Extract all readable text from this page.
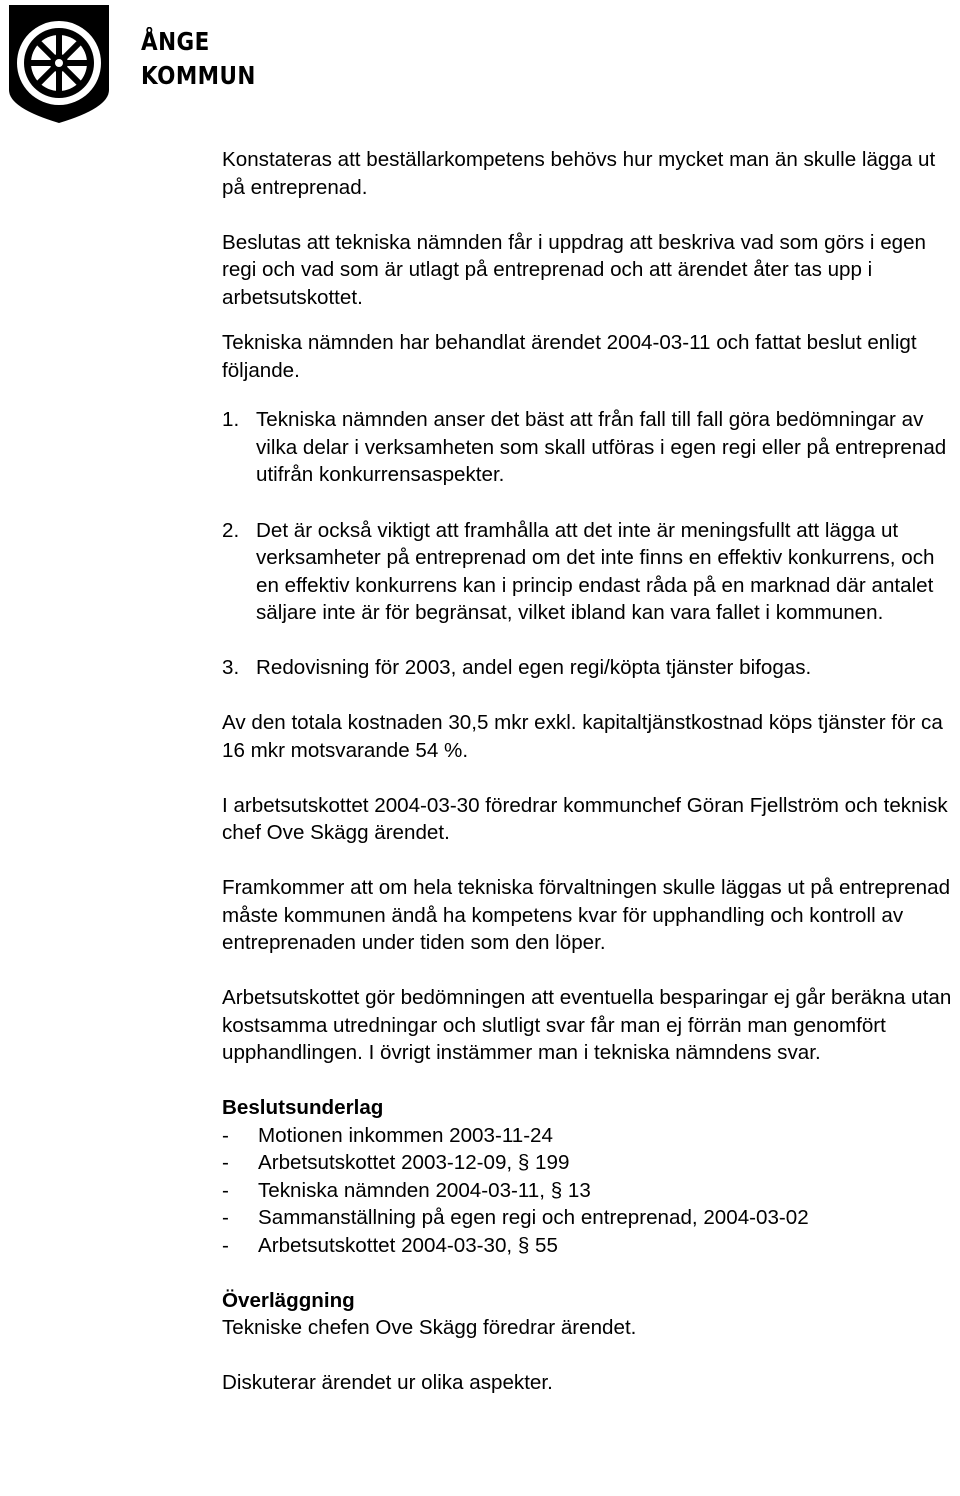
ÅNGE
KOMMUN

Konstateras att beställarkompetens behövs hur mycket man än skulle lägga ut på entreprenad.

Beslutas att tekniska nämnden får i uppdrag att beskriva vad som görs i egen regi och vad som är utlagt på entreprenad och att ärendet åter tas upp i arbetsutskottet.

Tekniska nämnden har behandlat ärendet 2004-03-11 och fattat beslut enligt följande.

1. Tekniska nämnden anser det bäst att från fall till fall göra bedömningar av vilka delar i verksamheten som skall utföras i egen regi eller på entreprenad utifrån konkurrensaspekter.
2. Det är också viktigt att framhålla att det inte är meningsfullt att lägga ut verksamheter på entreprenad om det inte finns en effektiv konkurrens, och en effektiv konkurrens kan i princip endast råda på en marknad där antalet säljare inte är för begränsat, vilket ibland kan vara fallet i kommunen.
3. Redovisning för 2003, andel egen regi/köpta tjänster bifogas.

Av den totala kostnaden 30,5 mkr exkl. kapitaltjänstkostnad köps tjänster för ca 16 mkr motsvarande 54 %.

I arbetsutskottet 2004-03-30 föredrar kommunchef Göran Fjellström och teknisk chef Ove Skägg ärendet.

Framkommer att om hela tekniska förvaltningen skulle läggas ut på entreprenad måste kommunen ändå ha kompetens kvar för upphandling och kontroll av entreprenaden under tiden som den löper.

Arbetsutskottet gör bedömningen att eventuella besparingar ej går beräkna utan kostsamma utredningar och slutligt svar får man ej förrän man genomfört upphandlingen. I övrigt instämmer man i tekniska nämndens svar.

Beslutsunderlag
-	Motionen inkommen 2003-11-24
-	Arbetsutskottet 2003-12-09, § 199
-	Tekniska nämnden 2004-03-11, § 13
-	Sammanställning på egen regi och entreprenad, 2004-03-02
-	Arbetsutskottet 2004-03-30, § 55
Överläggning

Tekniske chefen Ove Skägg föredrar ärendet.

Diskuterar ärendet ur olika aspekter.
